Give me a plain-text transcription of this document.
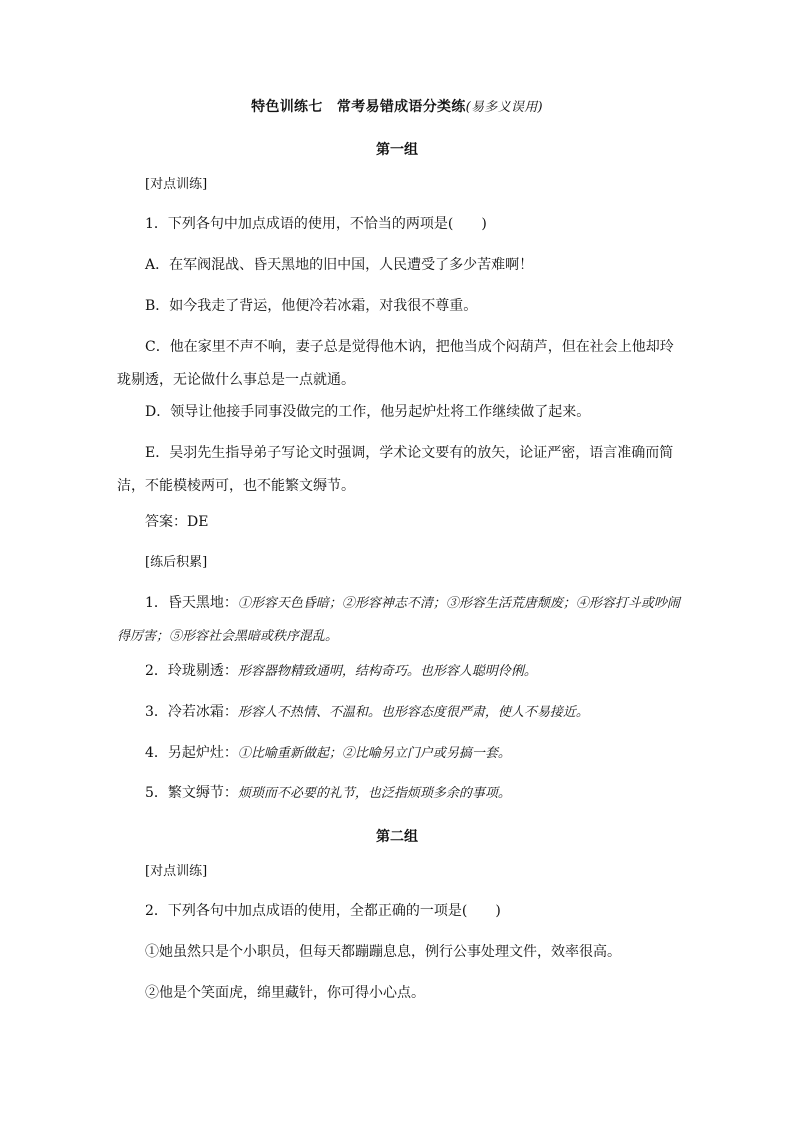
特色训练七　常考易错成语分类练(易多义误用)
第一组

[对点训练]

1．下列各句中加点成语的使用，不恰当的两项是(　　)

A．在军阀混战、昏天黑地的旧中国，人民遭受了多少苦难啊！

B．如今我走了背运，他便冷若冰霜，对我很不尊重。

C．他在家里不声不响，妻子总是觉得他木讷，把他当成个闷葫芦，但在社会上他却玲珑剔透，无论做什么事总是一点就通。

D．领导让他接手同事没做完的工作，他另起炉灶将工作继续做了起来。

E．吴羽先生指导弟子写论文时强调，学术论文要有的放矢，论证严密，语言准确而简洁，不能模棱两可，也不能繁文缛节。

答案：DE

[练后积累]

1．昏天黑地：①形容天色昏暗；②形容神志不清；③形容生活荒唐颓废；④形容打斗或吵闹得厉害；⑤形容社会黑暗或秩序混乱。

2．玲珑剔透：形容器物精致通明，结构奇巧。也形容人聪明伶俐。

3．冷若冰霜：形容人不热情、不温和。也形容态度很严肃，使人不易接近。

4．另起炉灶：①比喻重新做起；②比喻另立门户或另搞一套。

5．繁文缛节：烦琐而不必要的礼节，也泛指烦琐多余的事项。

第二组

[对点训练]

2．下列各句中加点成语的使用，全都正确的一项是(　　)

①她虽然只是个小职员，但每天都蹦蹦息息，例行公事处理文件，效率很高。

②他是个笑面虎，绵里藏针，你可得小心点。
